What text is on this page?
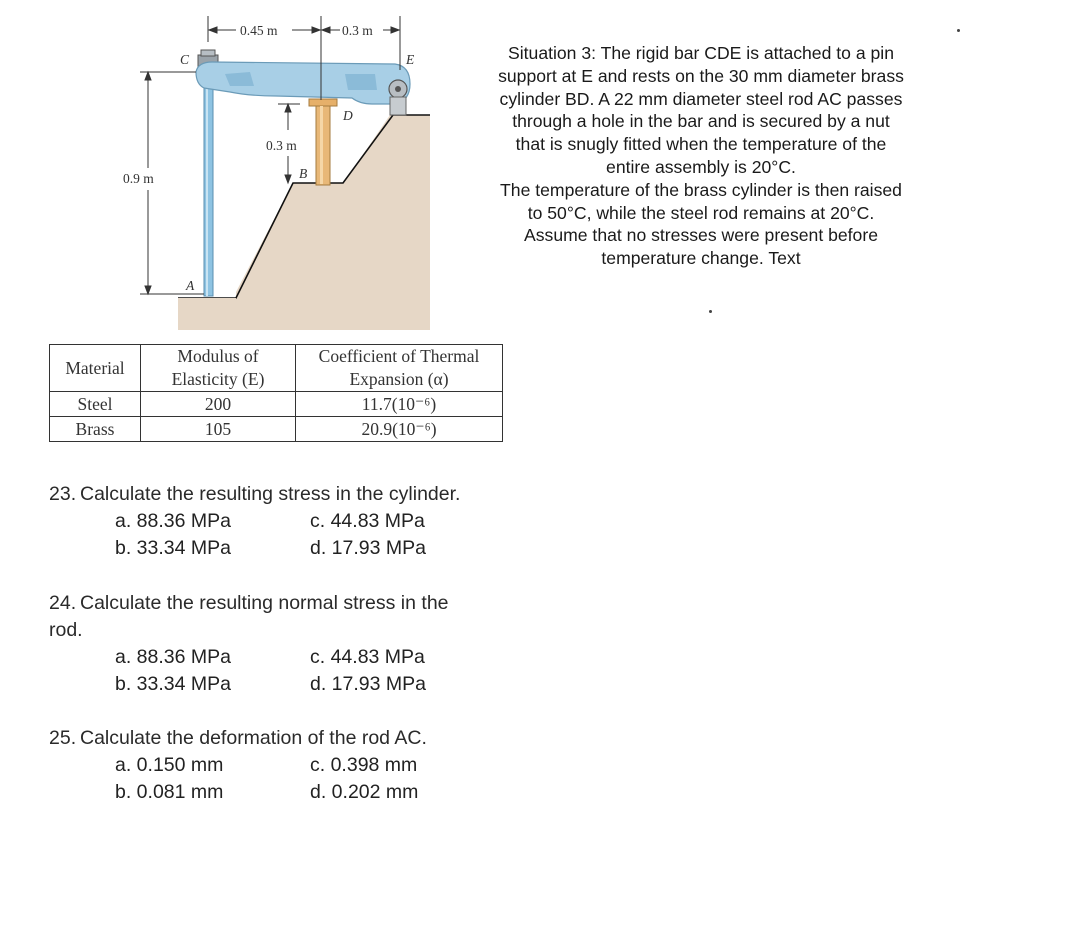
0.45 m	0.3 m
0.9 m
0.3 m
C	E
D
B
A

Situation 3: The rigid bar CDE is attached to a pin support at E and rests on the 30 mm diameter brass cylinder BD. A 22 mm diameter steel rod AC passes through a hole in the bar and is secured by a nut that is snugly fitted when the temperature of the entire assembly is 20°C.

The temperature of the brass cylinder is then raised to 50°C, while the steel rod remains at 20°C. Assume that no stresses were present before temperature change. Text

Material	Modulus of Elasticity (E)	Coefficient of Thermal Expansion (α)
Steel	200	11.7(10⁻⁶)
Brass	105	20.9(10⁻⁶)
23. Calculate the resulting stress in the cylinder.
a. 88.36 MPa
b. 33.34 MPa
c. 44.83 MPa
d. 17.93 MPa
24. Calculate the resulting normal stress in the
rod.
a. 88.36 MPa
b. 33.34 MPa
c. 44.83 MPa
d. 17.93 MPa
25. Calculate the deformation of the rod AC.
a. 0.150 mm
b. 0.081 mm
c. 0.398 mm
d. 0.202 mm
